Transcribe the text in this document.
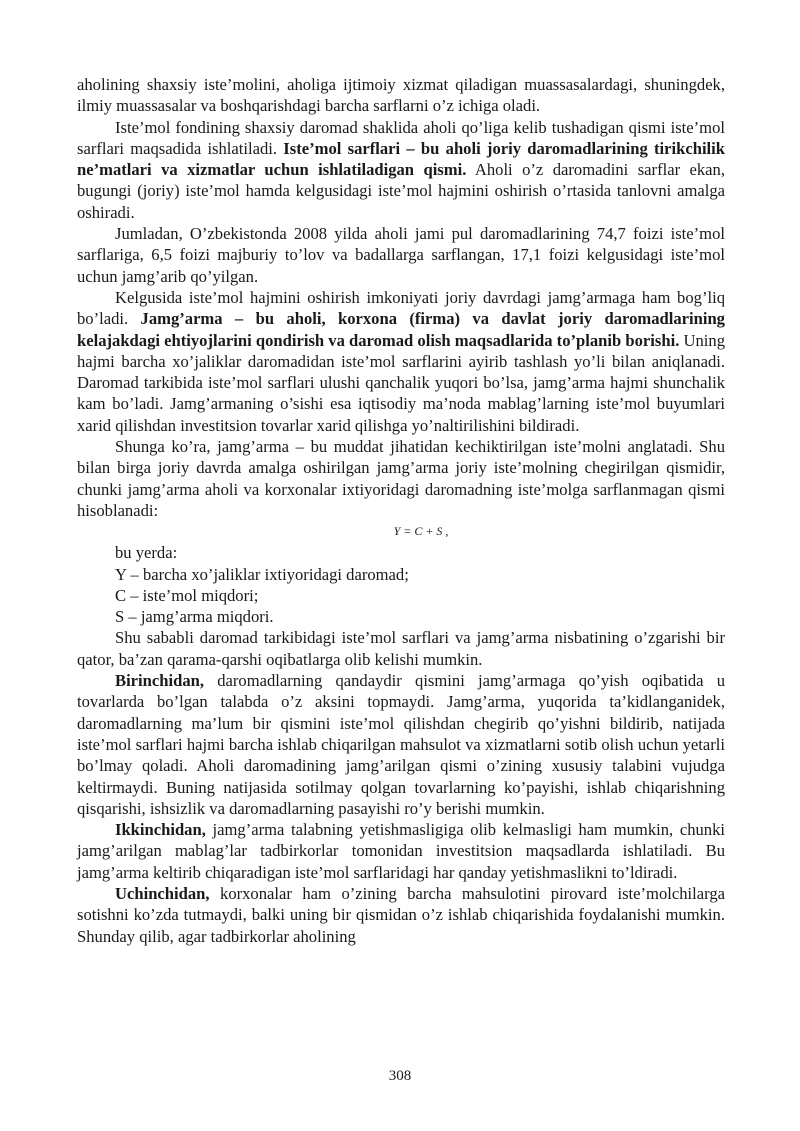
aholining shaxsiy iste’molini, aholiga ijtimoiy xizmat qiladigan muassasalardagi, shuningdek, ilmiy muassasalar va boshqarishdagi barcha sarflarni o’z ichiga oladi.

Iste’mol fondining shaxsiy daromad shaklida aholi qo’liga kelib tushadigan qismi iste’mol sarflari maqsadida ishlatiladi. Iste’mol sarflari – bu aholi joriy daromadlarining tirikchilik ne’matlari va xizmatlar uchun ishlatiladigan qismi. Aholi o’z daromadini sarflar ekan, bugungi (joriy) iste’mol hamda kelgusidagi iste’mol hajmini oshirish o’rtasida tanlovni amalga oshiradi.

Jumladan, O’zbekistonda 2008 yilda aholi jami pul daromadlarining 74,7 foizi iste’mol sarflariga, 6,5 foizi majburiy to’lov va badallarga sarflangan, 17,1 foizi kelgusidagi iste’mol uchun jamg’arib qo’yilgan.

Kelgusida iste’mol hajmini oshirish imkoniyati joriy davrdagi jamg’armaga ham bog’liq bo’ladi. Jamg’arma – bu aholi, korxona (firma) va davlat joriy daromadlarining kelajakdagi ehtiyojlarini qondirish va daromad olish maqsadlarida to’planib borishi. Uning hajmi barcha xo’jaliklar daromadidan iste’mol sarflarini ayirib tashlash yo’li bilan aniqlanadi. Daromad tarkibida iste’mol sarflari ulushi qanchalik yuqori bo’lsa, jamg’arma hajmi shunchalik kam bo’ladi. Jamg’armaning o’sishi esa iqtisodiy ma’noda mablag’larning iste’mol buyumlari xarid qilishdan investitsion tovarlar xarid qilishga yo’naltirilishini bildiradi.

Shunga ko’ra, jamg’arma – bu muddat jihatidan kechiktirilgan iste’molni anglatadi. Shu bilan birga joriy davrda amalga oshirilgan jamg’arma joriy iste’molning chegirilgan qismidir, chunki jamg’arma aholi va korxonalar ixtiyoridagi daromadning iste’molga sarflanmagan qismi hisoblanadi:

Y = C + S ,

bu yerda:

Y – barcha xo’jaliklar ixtiyoridagi daromad;

C – iste’mol miqdori;

S – jamg’arma miqdori.

Shu sababli daromad tarkibidagi iste’mol sarflari va jamg’arma nisbatining o’zgarishi bir qator, ba’zan qarama-qarshi oqibatlarga olib kelishi mumkin.

Birinchidan, daromadlarning qandaydir qismini jamg’armaga qo’yish oqibatida u tovarlarda bo’lgan talabda o’z aksini topmaydi. Jamg’arma, yuqorida ta’kidlanganidek, daromadlarning ma’lum bir qismini iste’mol qilishdan chegirib qo’yishni bildirib, natijada iste’mol sarflari hajmi barcha ishlab chiqarilgan mahsulot va xizmatlarni sotib olish uchun yetarli bo’lmay qoladi. Aholi daromadining jamg’arilgan qismi o’zining xususiy talabini vujudga keltirmaydi. Buning natijasida sotilmay qolgan tovarlarning ko’payishi, ishlab chiqarishning qisqarishi, ishsizlik va daromadlarning pasayishi ro’y berishi mumkin.

Ikkinchidan, jamg’arma talabning yetishmasligiga olib kelmasligi ham mumkin, chunki jamg’arilgan mablag’lar tadbirkorlar tomonidan investitsion maqsadlarda ishlatiladi. Bu jamg’arma keltirib chiqaradigan iste’mol sarflaridagi har qanday yetishmaslikni to’ldiradi.

Uchinchidan, korxonalar ham o’zining barcha mahsulotini pirovard iste’molchilarga sotishni ko’zda tutmaydi, balki uning bir qismidan o’z ishlab chiqarishida foydalanishi mumkin. Shunday qilib, agar tadbirkorlar aholining

308
